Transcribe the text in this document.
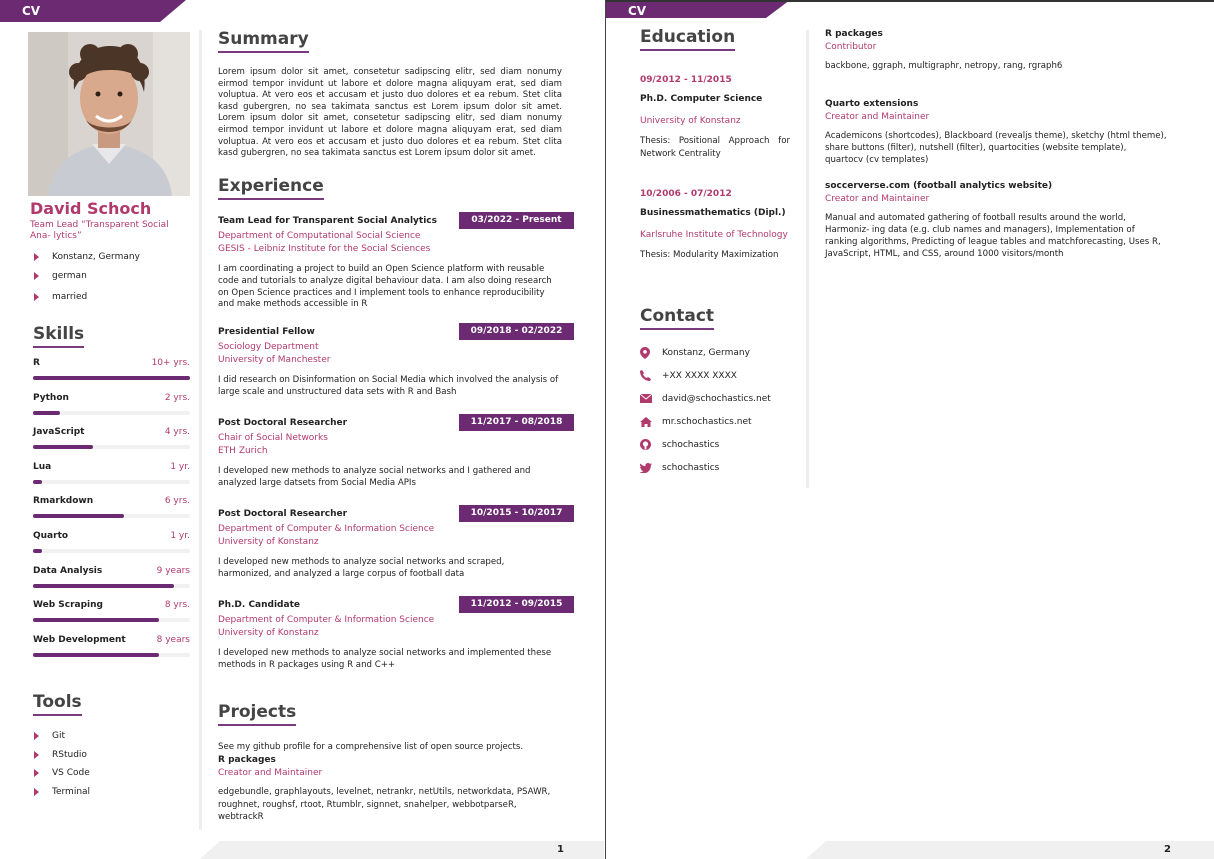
CV
David Schoch
Team Lead “Transparent Social Ana- lytics”
Konstanz, Germany
german
married
Skills
R	10+ yrs.
Python	2 yrs.
JavaScript	4 yrs.
Lua	1 yr.
Rmarkdown	6 yrs.
Quarto	1 yr.
Data Analysis	9 years
Web Scraping	8 yrs.
Web Development	8 years
Tools
Git
RStudio
VS Code
Terminal
Summary
Lorem ipsum dolor sit amet, consetetur sadipscing elitr, sed diam nonumy eirmod tempor invidunt ut labore et dolore magna aliquyam erat, sed diam voluptua. At vero eos et accusam et justo duo dolores et ea rebum. Stet clita kasd gubergren, no sea takimata sanctus est Lorem ipsum dolor sit amet. Lorem ipsum dolor sit amet, consetetur sadipscing elitr, sed diam nonumy eirmod tempor invidunt ut labore et dolore magna aliquyam erat, sed diam voluptua. At vero eos et accusam et justo duo dolores et ea rebum. Stet clita kasd gubergren, no sea takimata sanctus est Lorem ipsum dolor sit amet.
Experience
Team Lead for Transparent Social Analytics	03/2022 - Present
Department of Computational Social Science
GESIS - Leibniz Institute for the Social Sciences
I am coordinating a project to build an Open Science platform with reusable code and tutorials to analyze digital behaviour data. I am also doing research on Open Science practices and I implement tools to enhance reproducibility and make methods accessible in R
Presidential Fellow	09/2018 - 02/2022
Sociology Department
University of Manchester
I did research on Disinformation on Social Media which involved the analysis of large scale and unstructured data sets with R and Bash
Post Doctoral Researcher	11/2017 - 08/2018
Chair of Social Networks
ETH Zurich
I developed new methods to analyze social networks and I gathered and analyzed large datsets from Social Media APIs
Post Doctoral Researcher	10/2015 - 10/2017
Department of Computer & Information Science
University of Konstanz
I developed new methods to analyze social networks and scraped, harmonized, and analyzed a large corpus of football data
Ph.D. Candidate	11/2012 - 09/2015
Department of Computer & Information Science
University of Konstanz
I developed new methods to analyze social networks and implemented these methods in R packages using R and C++
Projects
See my github profile for a comprehensive list of open source projects.
R packages
Creator and Maintainer
edgebundle, graphlayouts, levelnet, netrankr, netUtils, networkdata, PSAWR, roughnet, roughsf, rtoot, Rtumblr, signnet, snahelper, webbotparseR, webtrackR
1
CV
Education
09/2012 - 11/2015
Ph.D. Computer Science
University of Konstanz
Thesis: Positional Approach for Network Centrality
10/2006 - 07/2012
Businessmathematics (Dipl.)
Karlsruhe Institute of Technology
Thesis: Modularity Maximization
Contact
Konstanz, Germany
+XX XXXX XXXX
david@schochastics.net
mr.schochastics.net
schochastics
schochastics
R packages
Contributor
backbone, ggraph, multigraphr, netropy, rang, rgraph6
Quarto extensions
Creator and Maintainer
Academicons (shortcodes), Blackboard (revealjs theme), sketchy (html theme), share buttons (filter), nutshell (filter), quartocities (website template), quartocv (cv templates)
soccerverse.com (football analytics website)
Creator and Maintainer
Manual and automated gathering of football results around the world, Harmoniz- ing data (e.g. club names and managers), Implementation of ranking algorithms, Predicting of league tables and matchforecasting, Uses R, JavaScript, HTML, and CSS, around 1000 visitors/month
2
